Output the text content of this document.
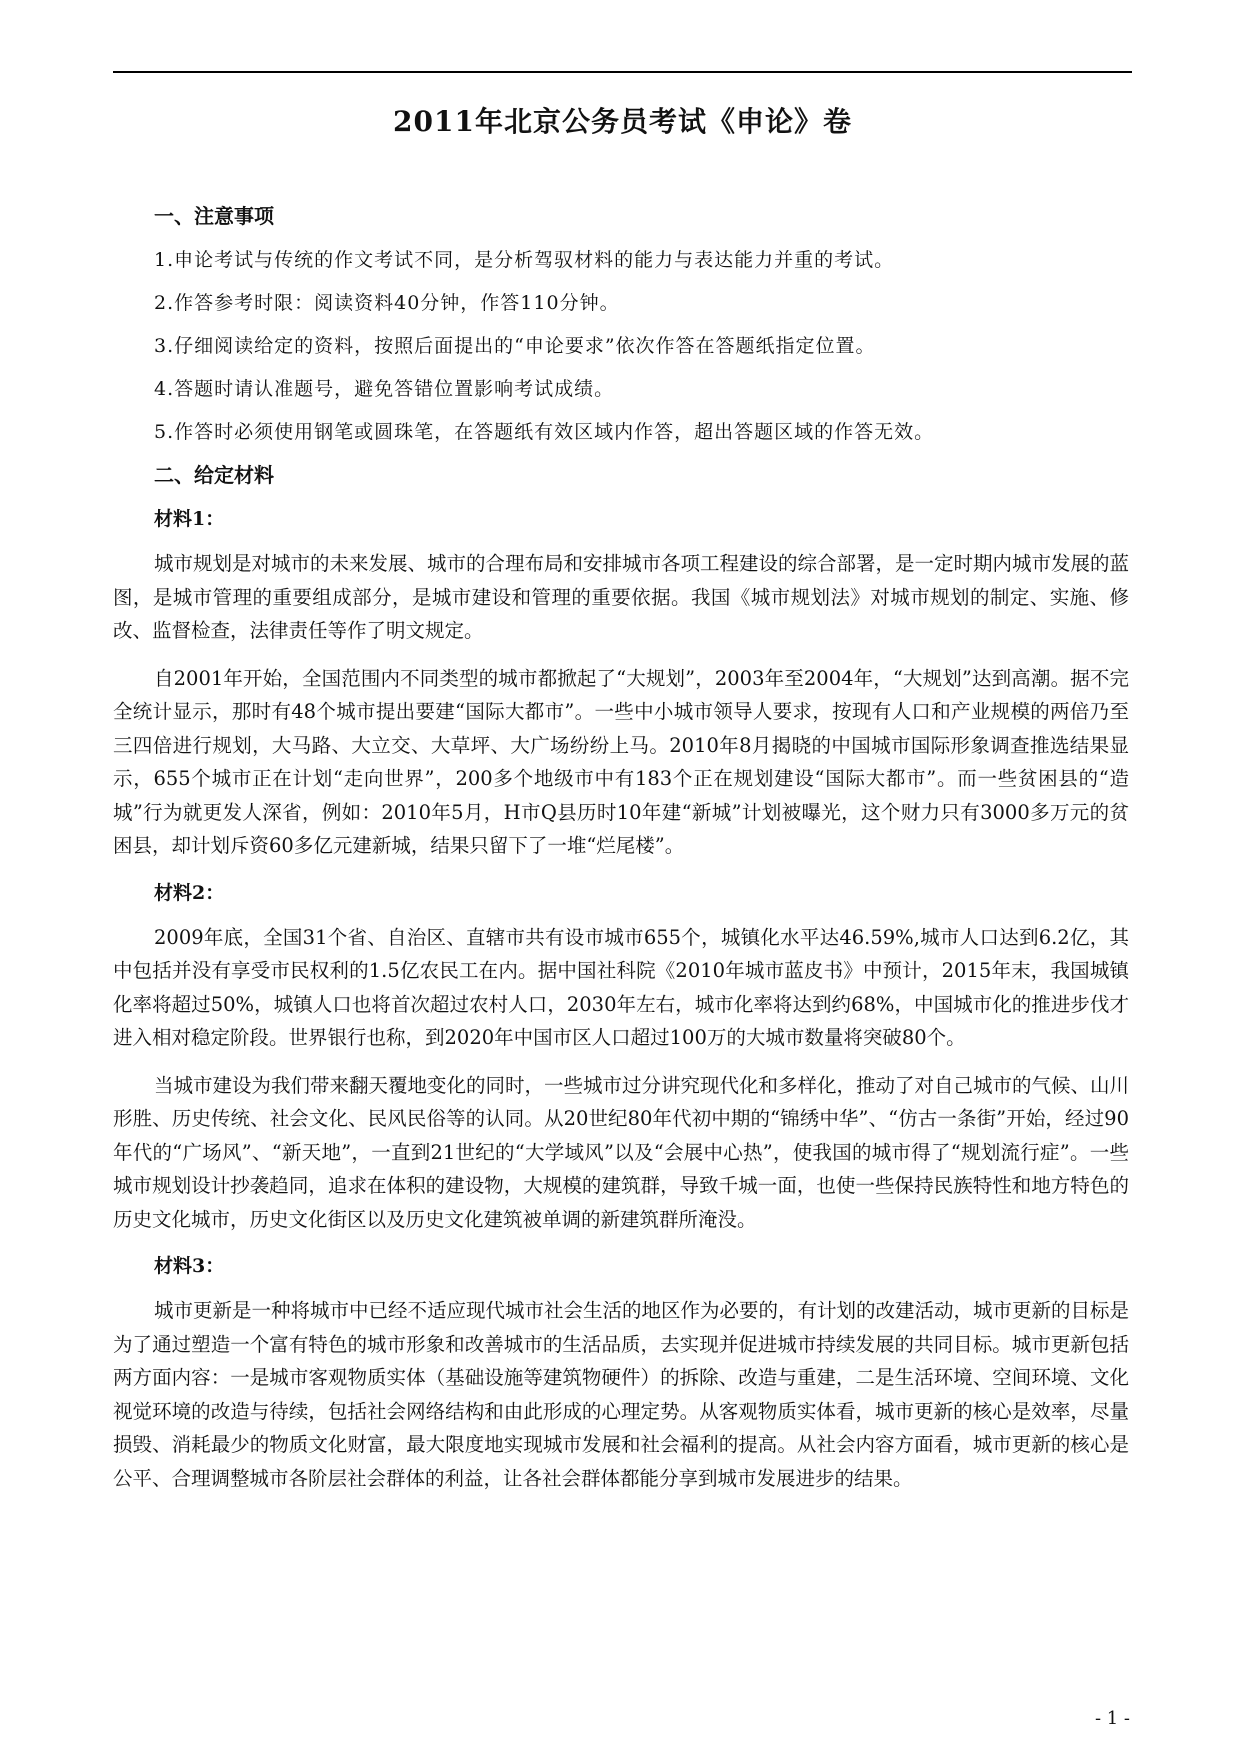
2011年北京公务员考试《申论》卷
一、注意事项

1.申论考试与传统的作文考试不同，是分析驾驭材料的能力与表达能力并重的考试。

2.作答参考时限：阅读资料40分钟，作答110分钟。

3.仔细阅读给定的资料，按照后面提出的“申论要求”依次作答在答题纸指定位置。

4.答题时请认准题号，避免答错位置影响考试成绩。

5.作答时必须使用钢笔或圆珠笔，在答题纸有效区域内作答，超出答题区域的作答无效。

二、给定材料
材料1：

城市规划是对城市的未来发展、城市的合理布局和安排城市各项工程建设的综合部署，是一定时期内城市发展的蓝图，是城市管理的重要组成部分，是城市建设和管理的重要依据。我国《城市规划法》对城市规划的制定、实施、修改、监督检查，法律责任等作了明文规定。

自2001年开始，全国范围内不同类型的城市都掀起了“大规划”，2003年至2004年，“大规划”达到高潮。据不完全统计显示，那时有48个城市提出要建“国际大都市”。一些中小城市领导人要求，按现有人口和产业规模的两倍乃至三四倍进行规划，大马路、大立交、大草坪、大广场纷纷上马。2010年8月揭晓的中国城市国际形象调查推选结果显示，655个城市正在计划“走向世界”，200多个地级市中有183个正在规划建设“国际大都市”。而一些贫困县的“造城”行为就更发人深省，例如：2010年5月，H市Q县历时10年建“新城”计划被曝光，这个财力只有3000多万元的贫困县，却计划斥资60多亿元建新城，结果只留下了一堆“烂尾楼”。

材料2：

2009年底，全国31个省、自治区、直辖市共有设市城市655个，城镇化水平达46.59%,城市人口达到6.2亿，其中包括并没有享受市民权利的1.5亿农民工在内。据中国社科院《2010年城市蓝皮书》中预计，2015年末，我国城镇化率将超过50%，城镇人口也将首次超过农村人口，2030年左右，城市化率将达到约68%，中国城市化的推进步伐才进入相对稳定阶段。世界银行也称，到2020年中国市区人口超过100万的大城市数量将突破80个。

当城市建设为我们带来翻天覆地变化的同时，一些城市过分讲究现代化和多样化，推动了对自己城市的气候、山川形胜、历史传统、社会文化、民风民俗等的认同。从20世纪80年代初中期的“锦绣中华”、“仿古一条街”开始，经过90年代的“广场风”、“新天地”，一直到21世纪的“大学域风”以及“会展中心热”，使我国的城市得了“规划流行症”。一些城市规划设计抄袭趋同，追求在体积的建设物，大规模的建筑群，导致千城一面，也使一些保持民族特性和地方特色的历史文化城市，历史文化街区以及历史文化建筑被单调的新建筑群所淹没。

材料3：

城市更新是一种将城市中已经不适应现代城市社会生活的地区作为必要的，有计划的改建活动，城市更新的目标是为了通过塑造一个富有特色的城市形象和改善城市的生活品质，去实现并促进城市持续发展的共同目标。城市更新包括两方面内容：一是城市客观物质实体（基础设施等建筑物硬件）的拆除、改造与重建，二是生活环境、空间环境、文化视觉环境的改造与待续，包括社会网络结构和由此形成的心理定势。从客观物质实体看，城市更新的核心是效率，尽量损毁、消耗最少的物质文化财富，最大限度地实现城市发展和社会福利的提高。从社会内容方面看，城市更新的核心是公平、合理调整城市各阶层社会群体的利益，让各社会群体都能分享到城市发展进步的结果。

- 1 -
